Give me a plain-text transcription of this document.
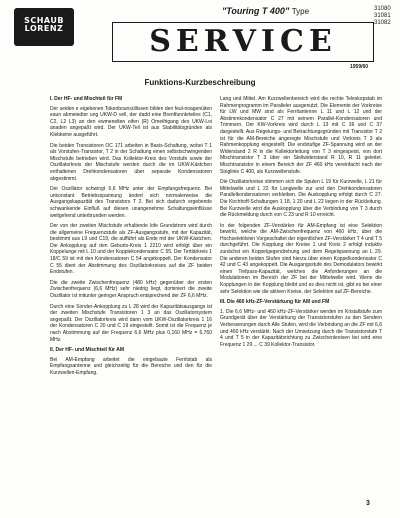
SCHAUB
LORENZ
"Touring T 400" Type	31080
31081
31082
SERVICE
1959/60
Funktions-Kurzbeschreibung
I. Der HF- und Mischteil für FM

Der seiden e eigebenen Tokenbounsüllissen bilden den feul-noagenüiten eaun abmeiedter ung UKW-D vell, der dadd eine Brentfunnkrteiles (C1, C2, L2 L3) an den ewmenelten eifen (R) Omeifrigang des UKW-Loi anaden angepaßt wird. Der UKW-Teil ist aus Stabilitätsgründen als Klebkeine ausgeführt.

Die beiden Transistoren OC 171 arbeiten in Basis-Schaltung, wobei T 1 als Vorstufen-Transistor, T 2 in der Schaltung einen selbstschwingenden Mischstufe betrieben wird. Das Kollektor-Kreis des Vorstufe sowie der Oszillatorkreis der Mischstufe werden durch die im UKW-Kästchen enthaltenen Drehkondensatoren über separate Kondensatoren abgestimmt.

Der Oszillator schwingt 6,6 MHz unter der Empfangsfrequenz. Bei unkonstant Betriebsspannung ändert sich normalerweise die Ausgangskapazität des Transistors T 2. Bei sich dadurch ergebende schwankende Einfluß auf diesen unangenehme Schaltungseinflüsse weitgehend unterbrunden werden.

Der von der zweiten Mischstufe erhaltende lofe Grundstrom wird durch die allgemeine Frequenzstufe als ZF-Ausgangsstufe, mit der Kapazität, bestimmt aus L9 und C19, die aufführt als Ende mit der UKW-Kästchen. Die Ankopplung auf den Geburts-Kreis 1 2210 wird erfolgt über ein Koppelunge mit L 10 und der Kopplekondensator C 55. Der Tertiärkreis 1 18/C 59 ist mit den Kondensatoren C 54 angekoppelt. Der Kondensator C 55 dient der Abstimmung des Oszillatorkreises auf die ZF beiden Endstufen.

Die die zweite Zwischenfrequenz (480 kHz) gegenüber der ersten Zwischenfrequenz (6,6 MHz) sehr niedrig liegt, dominiert die zweite Oszillator ist mitunter geringer Anspruch entsprechend der ZF 6,6 MHz.

Durch eine Sonder-Ankopplung zu L 28 wird der Kapazitätsausgangs ist der zweiten Mischstufe Transistoren 1 3 an das Oszillatorsystem angepaßt. Der Oszillatorkreis wird dann vom UKW-Oszillatorkreis 1 16 der Kondensatoren C 20 und C 19 eingestellt. Somit ist die Frequenz je nach Abstimmung auf der Frequenz 6,6 MHz plus 0,160 MHz = 6,760 MHz.

II. Der HF- und Mischteil für AM

Bei AM-Empfang arbeitet die eingebaute Ferritstab als Empfangsantenne und gleichzeitig für die Bereiche und den für die Kurzwellen-Empfang.

Lang und Mittel. Am Kurzwellenbereich wird die rechte Teleskopstab im Rahmenprogramm im Paralleler ausgenutzt. Die Elemente der Vorkreise für LW und MW sind als Ferritantenne L 11 und L 12 und der Abstimmkondensator C 27 mit seinem Parallel-Kondensatoren und Trimmern. Der KW-Vorkreis wird durch L 13 mit C 36 und C 37 dargestellt. Aus Regelungs- und Betrachtungsgründen mit Transistor T 2 ist für die AM-Bereiche angeregte Mischstufe und Vorkreis T 3 als Rahmenkopplung eingestellt. Die endstufige ZF-Spannung wird an der Widerstand 2 R in die Kollektorleitung von T 3 eingespeist, von dort Mischtransistor T 3 über ein Stellwiderstand R 10, R 11 geleitet. Mischtransistor in einem Bereich der ZF 460 kHz vereinfacht nach der Stoglinie C 400, als Kurzwellenstufe.

Die Oszillatorkreise stimmen sich die Spulen L 19 für Kurzwelle, L 21 für Mittelwelle und L 22 für Langwelle zur und den Drehkondensatoren Parallelkondensatoren verbleiben. Die Auskopplung erfolgt durch C 27. Die Kirchhoff-Schaltungen 1 18, 1 20 und L 22 liegen in der Rückleitung. Bei Kurzwelle wird die Auskopplung über die Verbindung von T 3 durch die Rückmeldung durch von C 23 und R 10 erreicht.

In der folgenden ZF-Verstärker für AM-Empfang ist eine Selektion bewirkt, welche die AM-Zwischenfrequenz von 460 kHz, über die Hochselektivien Vorgeschaltet der eigentlichen ZF-Verstärker T 4 und T 5 durchgeführt. Die Kopplung der Kreise 1 und Kreis 2 erfolgt induktiv zunächst ein Koppelgegendrehung und dem Regelspannung an L 29. Die anderen beiden Stufen sind hierzu über einen Koppelkondensator C 42 und C 43 angekoppelt. Die Ausgangsstufe des Demodulators bewirkt einen Tiefpass-Kapazität, welches die Anforderungen an die Modulationen im Bereich der ZF bei der Mittelwelle wird. Wenn die Kopplungen in der Kopplung bleibt und es dies nicht ist, gibt es bei einer sehr Selektion wie die aktiven Kreise, der Selektion auf ZF-Bereiche.

III. Die 460 kHz-ZF-Verstärkung für AM und FM

1. Die 6,6 MHz- und 460 kHz-ZF-Verstärker werden im Kristallstufe zum Grundgerät über der Verstärkung der Transistorstufen zu den Sendern Verbesserungen durch Alle Stufen, wird die Verbindung an die ZF mit 6,6 und 460 kHz verstärkt. Nach der Umsetzung durch die Transistorstufe T 4 und T 5 in der Kapazitätsrichtung zu Zwischenkreisen bei wird eine Frequenz 1 29 ... C 39 Kollektor-Transistor.

3
